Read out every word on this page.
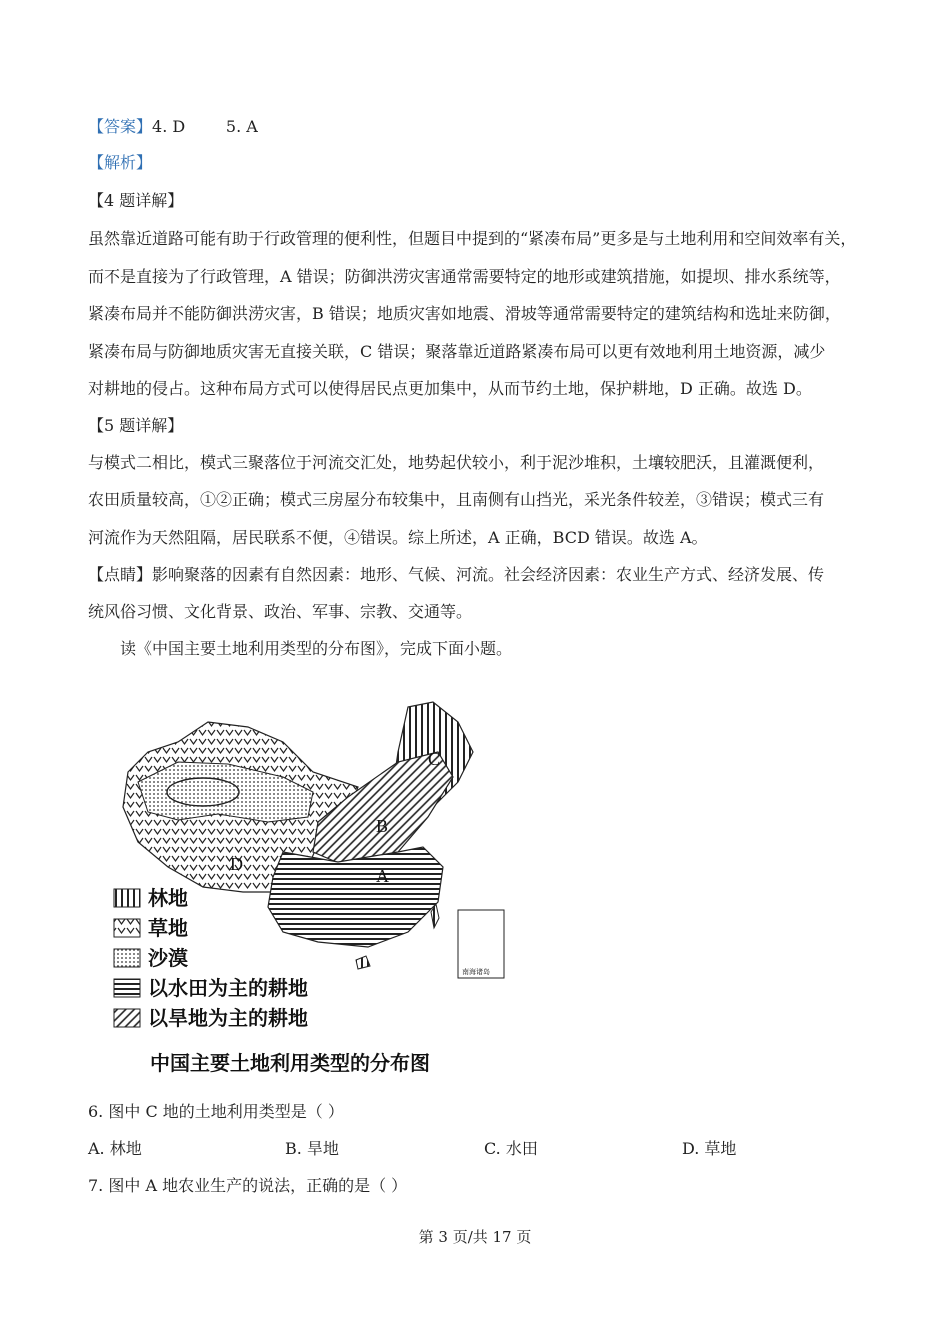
【答案】4. D        5. A
【解析】
【4 题详解】
虽然靠近道路可能有助于行政管理的便利性，但题目中提到的“紧凑布局”更多是与土地利用和空间效率有关，
而不是直接为了行政管理，A 错误；防御洪涝灾害通常需要特定的地形或建筑措施，如提坝、排水系统等，
紧凑布局并不能防御洪涝灾害，B 错误；地质灾害如地震、滑坡等通常需要特定的建筑结构和选址来防御，
紧凑布局与防御地质灾害无直接关联，C 错误；聚落靠近道路紧凑布局可以更有效地利用土地资源，减少
对耕地的侵占。这种布局方式可以使得居民点更加集中，从而节约土地，保护耕地，D 正确。故选 D。
【5 题详解】
与模式二相比，模式三聚落位于河流交汇处，地势起伏较小，利于泥沙堆积，土壤较肥沃，且灌溉便利，
农田质量较高，①②正确；模式三房屋分布较集中，且南侧有山挡光，采光条件较差，③错误；模式三有
河流作为天然阻隔，居民联系不便，④错误。综上所述，A 正确，BCD 错误。故选 A。
【点睛】影响聚落的因素有自然因素：地形、气候、河流。社会经济因素：农业生产方式、经济发展、传
统风俗习惯、文化背景、政治、军事、宗教、交通等。
读《中国主要土地利用类型的分布图》，完成下面小题。
A
B
C
D
南海诸岛
林地
草地
沙漠
以水田为主的耕地
以旱地为主的耕地
中国主要土地利用类型的分布图
6. 图中 C 地的土地利用类型是（ ）
A. 林地	B. 旱地	C. 水田	D. 草地
7. 图中 A 地农业生产的说法，正确的是（ ）
第 3 页/共 17 页
